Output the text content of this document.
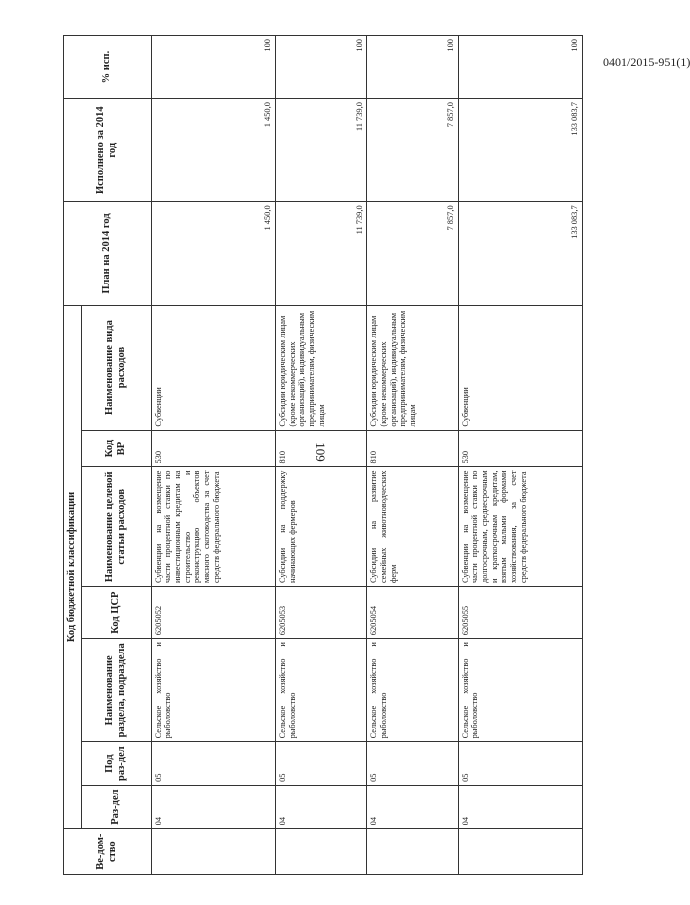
109
0401/2015-951(1)
Ве-дом-ство	Код бюджетной классификации							План на 2014 год	Исполнено за 2014 год	% исп.
	Раз-дел	Под раз-дел	Наименование раздела, подраздела	Код ЦСР	Наименование целевой статьи расходов	Код ВР	Наименование вида расходов			
	04	05	Сельское хозяйство и рыболовство	6205052	Субвенции на возмещение части процентной ставки по инвестиционным кредитам на строительство и реконструкцию объектов мясного скотоводства за счет средств федерального бюджета	530	Субвенции	1 450,0	1 450,0	100
	04	05	Сельское хозяйство и рыболовство	6205053	Субсидии на поддержку начинающих фермеров	810	Субсидии юридическим лицам (кроме некоммерческих организаций), индивидуальным предпринимателям, физическим лицам	11 739,0	11 739,0	100
	04	05	Сельское хозяйство и рыболовство	6205054	Субсидии на развитие семейных животноводческих ферм	810	Субсидии юридическим лицам (кроме некоммерческих организаций), индивидуальным предпринимателям, физическим лицам	7 857,0	7 857,0	100
	04	05	Сельское хозяйство и рыболовство	6205055	Субвенции на возмещение части процентной ставки по долгосрочным, среднесрочным и краткосрочным кредитам, взятым малыми формами хозяйствования, за счет средств федерального бюджета	530	Субвенции	133 083,7	133 083,7	100
